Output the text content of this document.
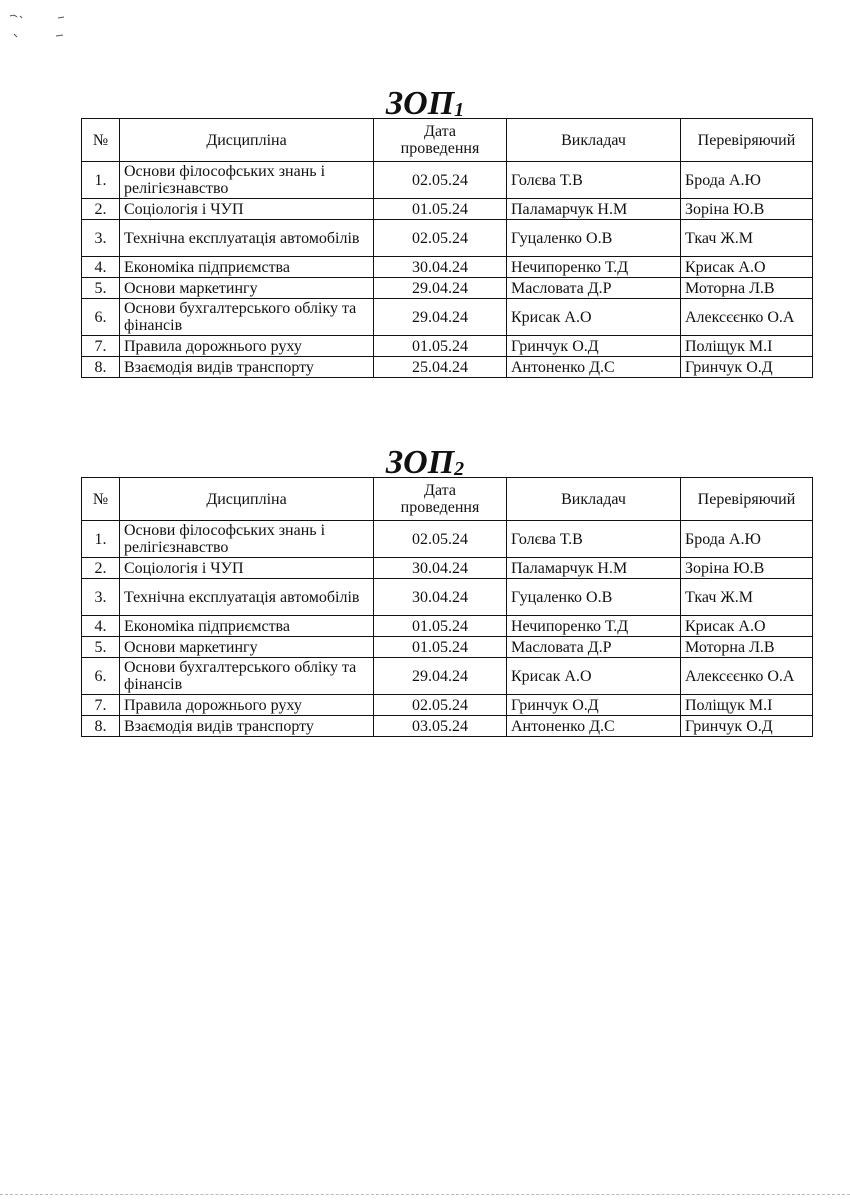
ЗОП1
№	Дисципліна	Дата проведення	Викладач	Перевіряючий
1.	Основи філософських знань і релігієзнавство	02.05.24	Голєва Т.В	Брода А.Ю
2.	Соціологія і ЧУП	01.05.24	Паламарчук Н.М	Зоріна Ю.В
3.	Технічна експлуатація автомобілів	02.05.24	Гуцаленко О.В	Ткач Ж.М
4.	Економіка підприємства	30.04.24	Нечипоренко Т.Д	Крисак А.О
5.	Основи маркетингу	29.04.24	Масловата Д.Р	Моторна Л.В
6.	Основи бухгалтерського обліку та фінансів	29.04.24	Крисак А.О	Алексєєнко О.А
7.	Правила дорожнього руху	01.05.24	Гринчук О.Д	Поліщук М.І
8.	Взаємодія видів транспорту	25.04.24	Антоненко Д.С	Гринчук О.Д
ЗОП2
№	Дисципліна	Дата проведення	Викладач	Перевіряючий
1.	Основи філософських знань і релігієзнавство	02.05.24	Голєва Т.В	Брода А.Ю
2.	Соціологія і ЧУП	30.04.24	Паламарчук Н.М	Зоріна Ю.В
3.	Технічна експлуатація автомобілів	30.04.24	Гуцаленко О.В	Ткач Ж.М
4.	Економіка підприємства	01.05.24	Нечипоренко Т.Д	Крисак А.О
5.	Основи маркетингу	01.05.24	Масловата Д.Р	Моторна Л.В
6.	Основи бухгалтерського обліку та фінансів	29.04.24	Крисак А.О	Алексєєнко О.А
7.	Правила дорожнього руху	02.05.24	Гринчук О.Д	Поліщук М.І
8.	Взаємодія видів транспорту	03.05.24	Антоненко Д.С	Гринчук О.Д
